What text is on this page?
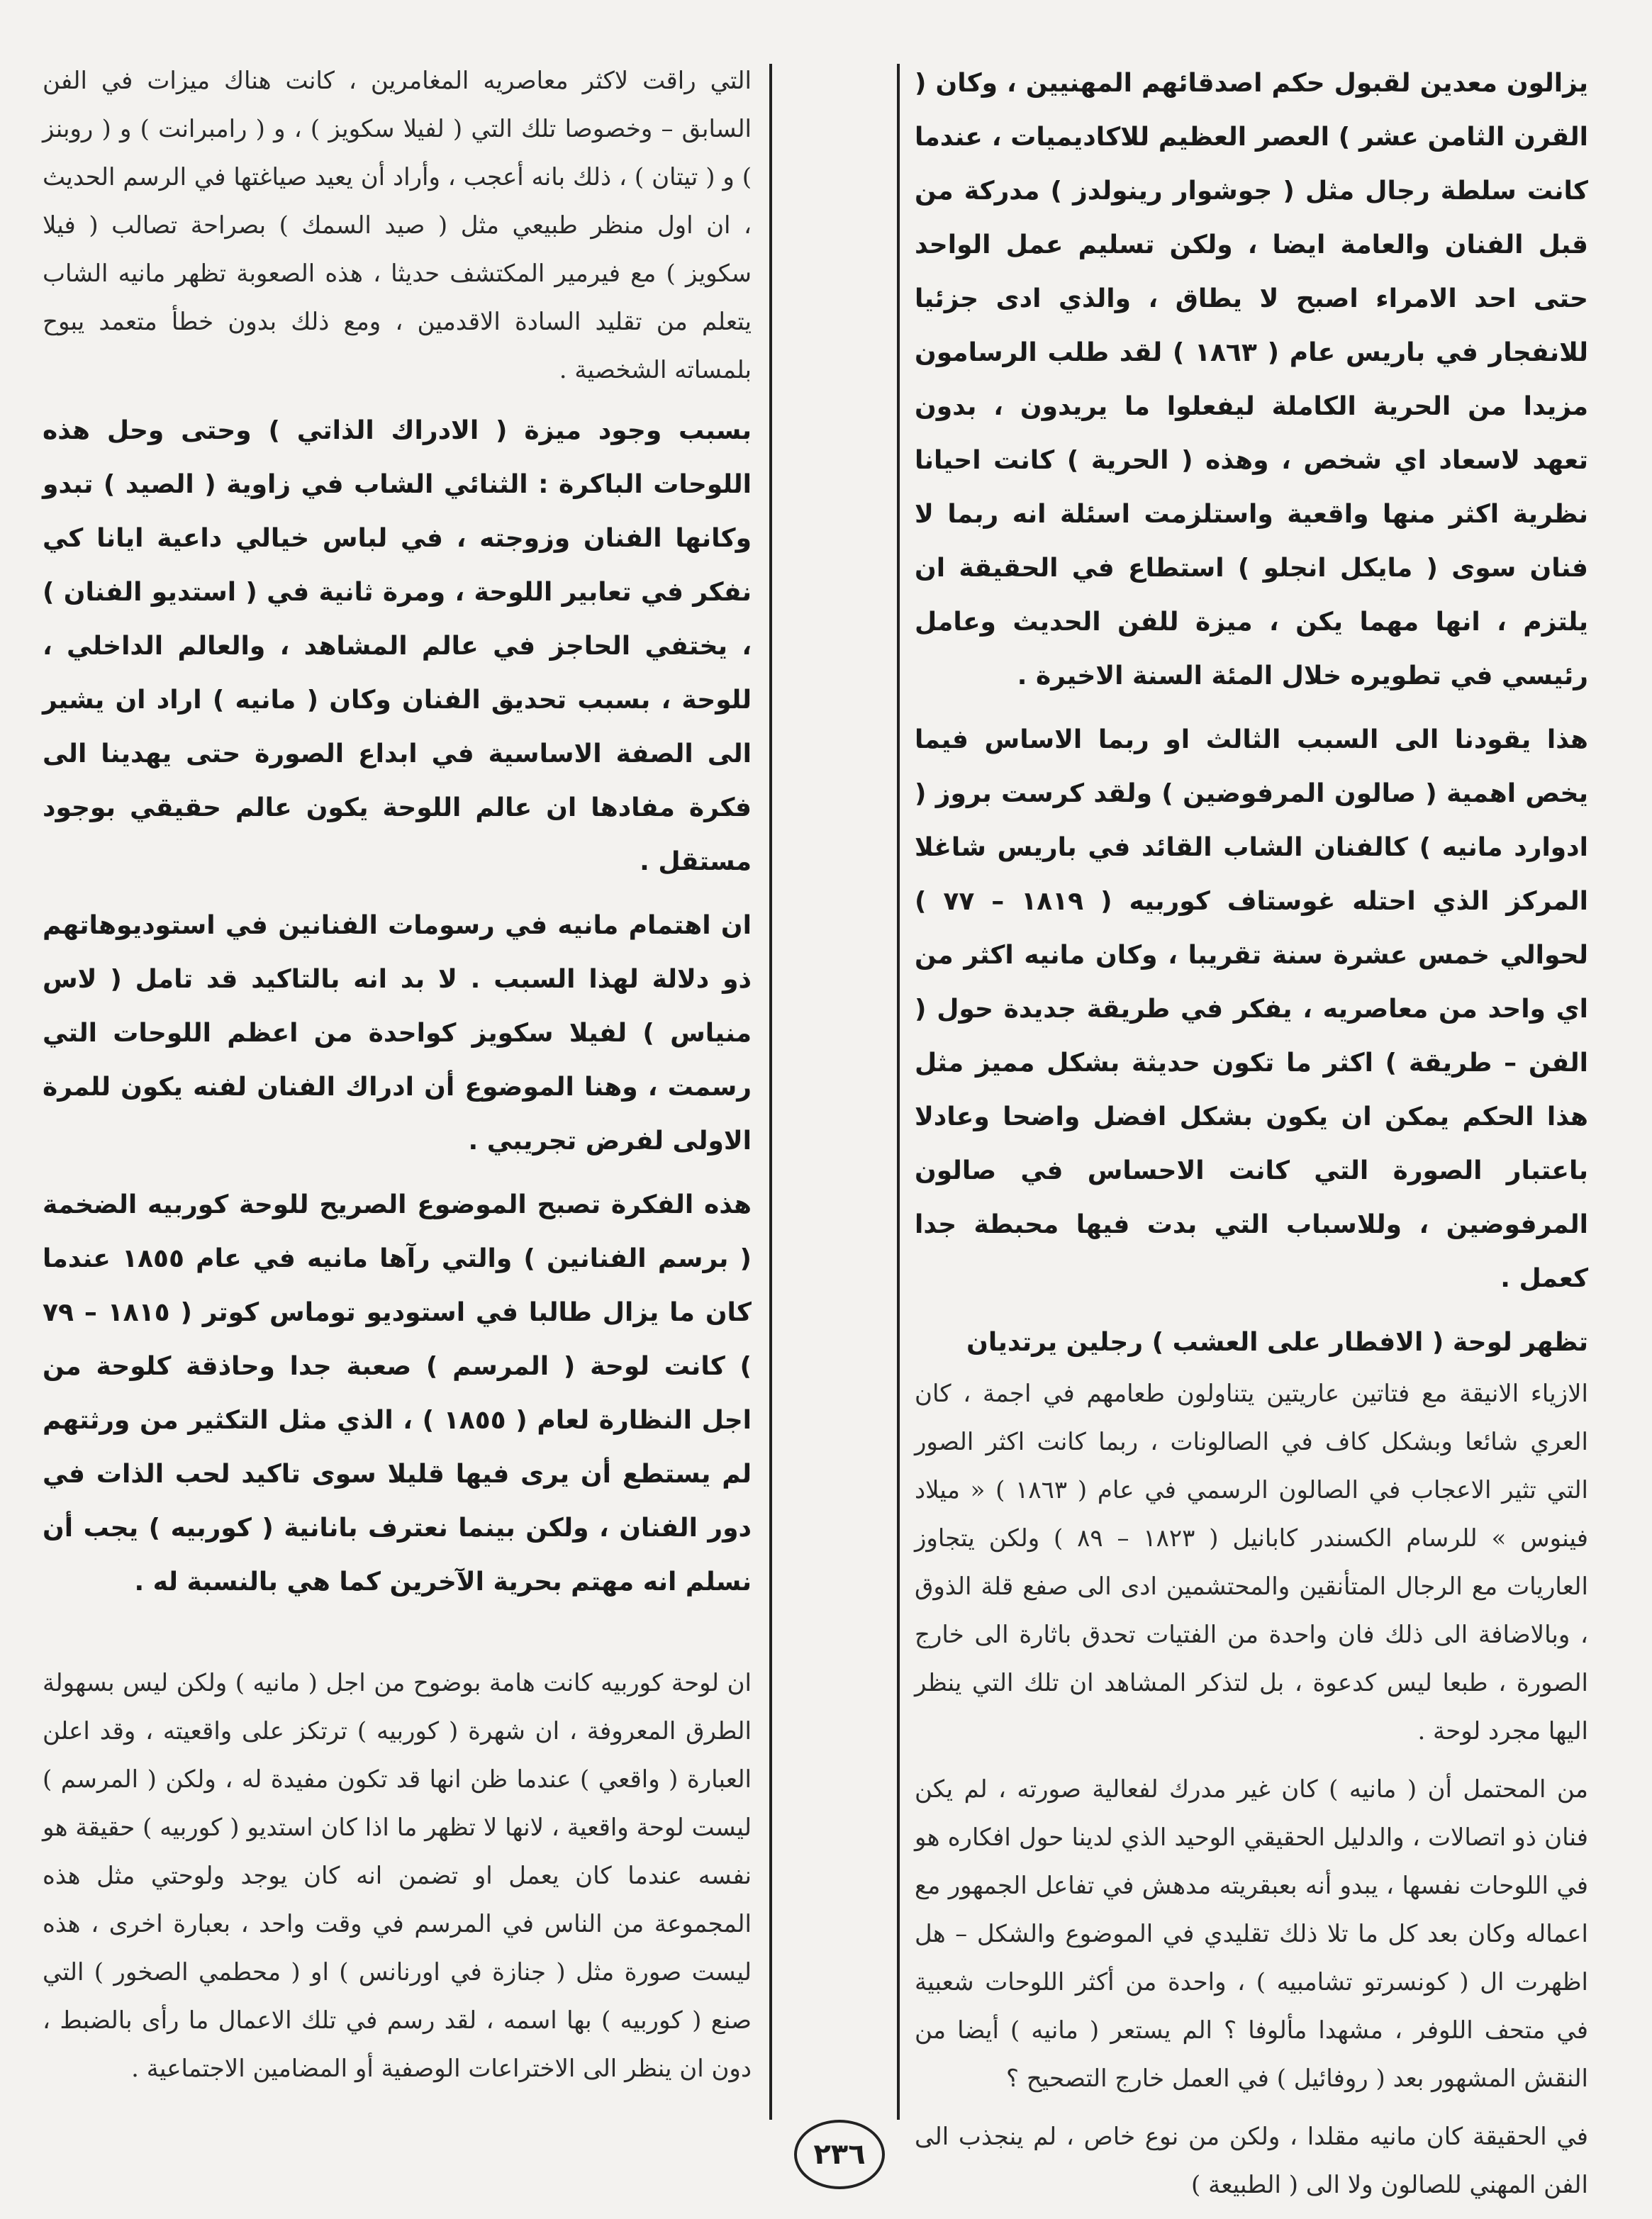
يزالون معدين لقبول حكم اصدقائهم المهنيين ، وكان ( القرن الثامن عشر ) العصر العظيم للاكاديميات ، عندما كانت سلطة رجال مثل ( جوشوار رينولدز ) مدركة من قبل الفنان والعامة ايضا ، ولكن تسليم عمل الواحد حتى احد الامراء اصبح لا يطاق ، والذي ادى جزئيا للانفجار في باريس عام ( ١٨٦٣ ) لقد طلب الرسامون مزيدا من الحرية الكاملة ليفعلوا ما يريدون ، بدون تعهد لاسعاد اي شخص ، وهذه ( الحرية ) كانت احيانا نظرية اكثر منها واقعية واستلزمت اسئلة انه ربما لا فنان سوى ( مايكل انجلو ) استطاع في الحقيقة ان يلتزم ، انها مهما يكن ، ميزة للفن الحديث وعامل رئيسي في تطويره خلال المئة السنة الاخيرة .

هذا يقودنا الى السبب الثالث او ربما الاساس فيما يخص اهمية ( صالون المرفوضين ) ولقد كرست بروز ( ادوارد مانيه ) كالفنان الشاب القائد في باريس شاغلا المركز الذي احتله غوستاف كوربيه ( ١٨١٩ – ٧٧ ) لحوالي خمس عشرة سنة تقريبا ، وكان مانيه اكثر من اي واحد من معاصريه ، يفكر في طريقة جديدة حول ( الفن – طريقة ) اكثر ما تكون حديثة بشكل مميز مثل هذا الحكم يمكن ان يكون بشكل افضل واضحا وعادلا باعتبار الصورة التي كانت الاحساس في صالون المرفوضين ، وللاسباب التي بدت فيها محبطة جدا كعمل .

تظهر لوحة ( الافطار على العشب ) رجلين يرتديان

الازياء الانيقة مع فتاتين عاريتين يتناولون طعامهم في اجمة ، كان العري شائعا وبشكل كاف في الصالونات ، ربما كانت اكثر الصور التي تثير الاعجاب في الصالون الرسمي في عام ( ١٨٦٣ ) « ميلاد فينوس » للرسام الكسندر كابانيل ( ١٨٢٣ – ٨٩ ) ولكن يتجاوز العاريات مع الرجال المتأنقين والمحتشمين ادى الى صفع قلة الذوق ، وبالاضافة الى ذلك فان واحدة من الفتيات تحدق باثارة الى خارج الصورة ، طبعا ليس كدعوة ، بل لتذكر المشاهد ان تلك التي ينظر اليها مجرد لوحة .

من المحتمل أن ( مانيه ) كان غير مدرك لفعالية صورته ، لم يكن فنان ذو اتصالات ، والدليل الحقيقي الوحيد الذي لدينا حول افكاره هو في اللوحات نفسها ، يبدو أنه بعبقريته مدهش في تفاعل الجمهور مع اعماله وكان بعد كل ما تلا ذلك تقليدي في الموضوع والشكل – هل اظهرت ال ( كونسرتو تشامبيه ) ، واحدة من أكثر اللوحات شعبية في متحف اللوفر ، مشهدا مألوفا ؟ الم يستعر ( مانيه ) أيضا من النقش المشهور بعد ( روفائيل ) في العمل خارج التصحيح ؟

في الحقيقة كان مانيه مقلدا ، ولكن من نوع خاص ، لم ينجذب الى الفن المهني للصالون ولا الى ( الطبيعة )

التي راقت لاكثر معاصريه المغامرين ، كانت هناك ميزات في الفن السابق – وخصوصا تلك التي ( لفيلا سكويز ) ، و ( رامبرانت ) و ( روبنز ) و ( تيتان ) ، ذلك بانه أعجب ، وأراد أن يعيد صياغتها في الرسم الحديث ، ان اول منظر طبيعي مثل ( صيد السمك ) بصراحة تصالب ( فيلا سكويز ) مع فيرمير المكتشف حديثا ، هذه الصعوبة تظهر مانيه الشاب يتعلم من تقليد السادة الاقدمين ، ومع ذلك بدون خطأ متعمد يبوح بلمساته الشخصية .

بسبب وجود ميزة ( الادراك الذاتي ) وحتى وحل هذه اللوحات الباكرة : الثنائي الشاب في زاوية ( الصيد ) تبدو وكانها الفنان وزوجته ، في لباس خيالي داعية ايانا كي نفكر في تعابير اللوحة ، ومرة ثانية في ( استديو الفنان ) ، يختفي الحاجز في عالم المشاهد ، والعالم الداخلي ، للوحة ، بسبب تحديق الفنان وكان ( مانيه ) اراد ان يشير الى الصفة الاساسية في ابداع الصورة حتى يهدينا الى فكرة مفادها ان عالم اللوحة يكون عالم حقيقي بوجود مستقل .

ان اهتمام مانيه في رسومات الفنانين في استوديوهاتهم ذو دلالة لهذا السبب . لا بد انه بالتاكيد قد تامل ( لاس منياس ) لفيلا سكويز كواحدة من اعظم اللوحات التي رسمت ، وهنا الموضوع أن ادراك الفنان لفنه يكون للمرة الاولى لفرض تجريبي .

هذه الفكرة تصبح الموضوع الصريح للوحة كوربيه الضخمة ( برسم الفنانين ) والتي رآها مانيه في عام ١٨٥٥ عندما كان ما يزال طالبا في استوديو توماس كوتر ( ١٨١٥ – ٧٩ ) كانت لوحة ( المرسم ) صعبة جدا وحاذقة كلوحة من اجل النظارة لعام ( ١٨٥٥ ) ، الذي مثل التكثير من ورثتهم لم يستطع أن يرى فيها قليلا سوى تاكيد لحب الذات في دور الفنان ، ولكن بينما نعترف بانانية ( كوربيه ) يجب أن نسلم انه مهتم بحرية الآخرين كما هي بالنسبة له .

ان لوحة كوربيه كانت هامة بوضوح من اجل ( مانيه ) ولكن ليس بسهولة الطرق المعروفة ، ان شهرة ( كوربيه ) ترتكز على واقعيته ، وقد اعلن العبارة ( واقعي ) عندما ظن انها قد تكون مفيدة له ، ولكن ( المرسم ) ليست لوحة واقعية ، لانها لا تظهر ما اذا كان استديو ( كوربيه ) حقيقة هو نفسه عندما كان يعمل او تضمن انه كان يوجد ولوحتي مثل هذه المجموعة من الناس في المرسم في وقت واحد ، بعبارة اخرى ، هذه ليست صورة مثل ( جنازة في اورنانس ) او ( محطمي الصخور ) التي صنع ( كوربيه ) بها اسمه ، لقد رسم في تلك الاعمال ما رأى بالضبط ، دون ان ينظر الى الاختراعات الوصفية أو المضامين الاجتماعية .

٢٣٦
